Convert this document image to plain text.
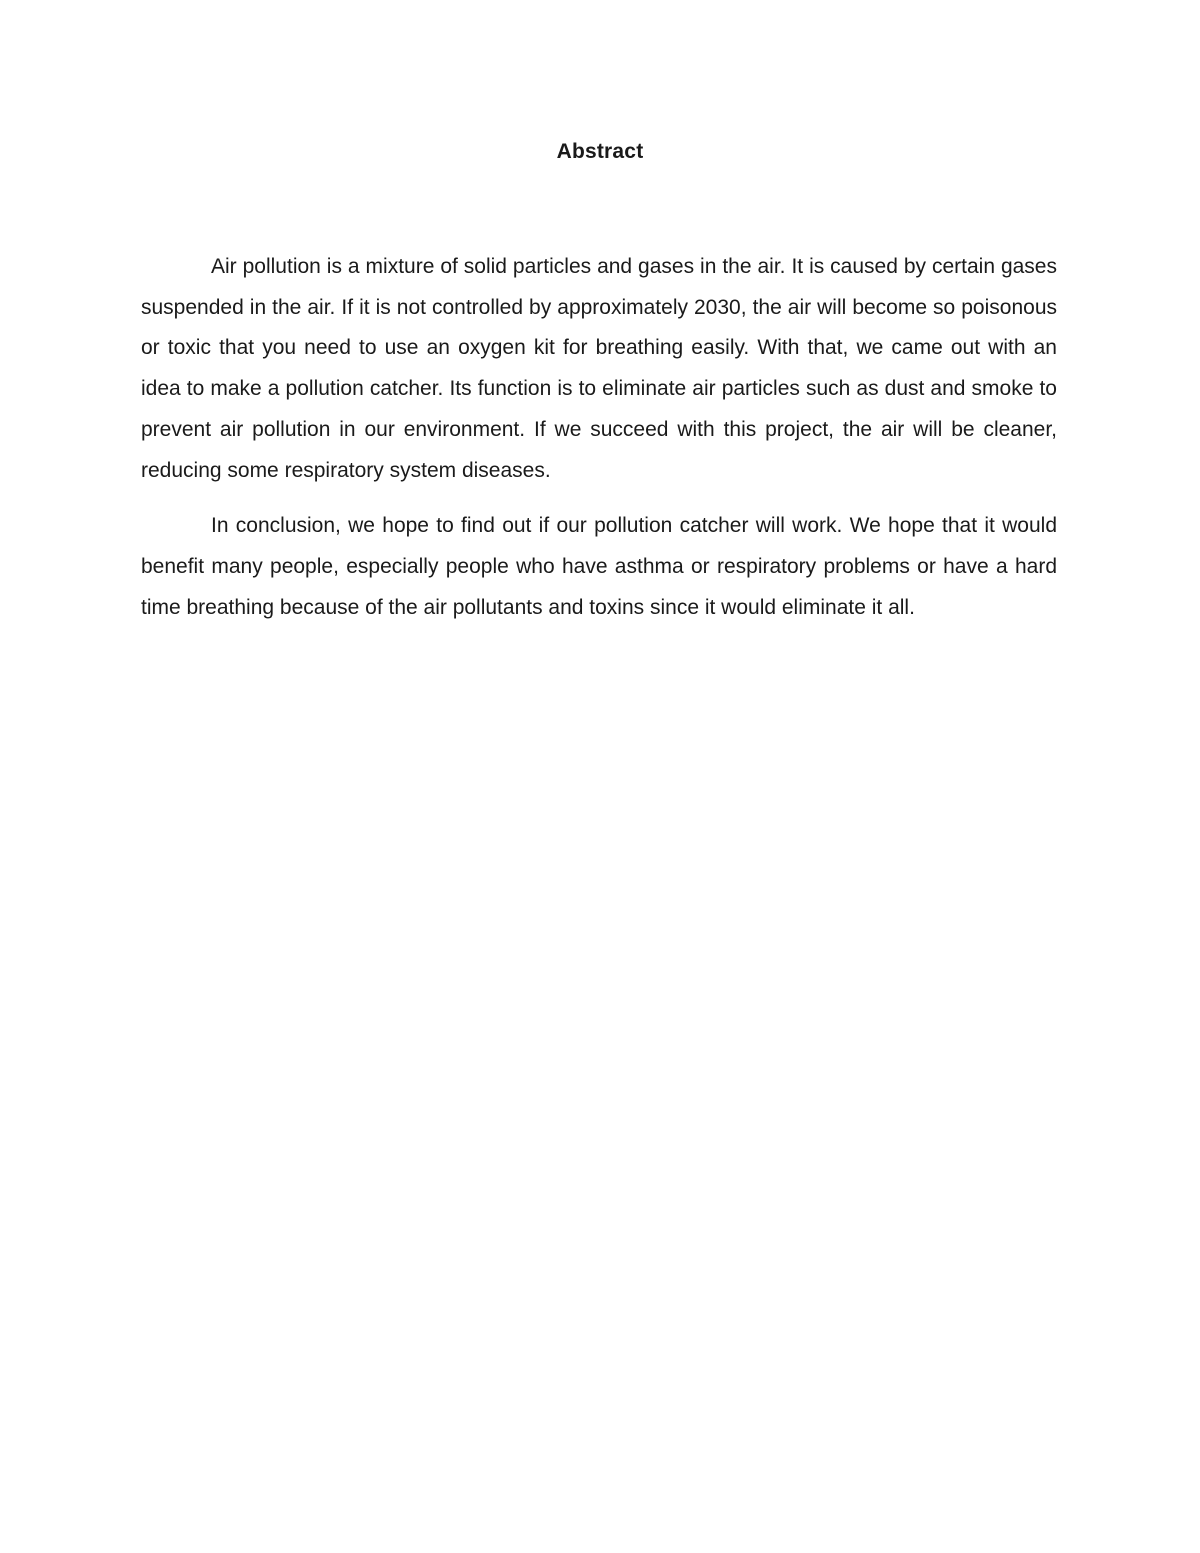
Abstract

Air pollution is a mixture of solid particles and gases in the air. It is caused by certain gases suspended in the air. If it is not controlled by approximately 2030, the air will become so poisonous or toxic that you need to use an oxygen kit for breathing easily. With that, we came out with an idea to make a pollution catcher. Its function is to eliminate air particles such as dust and smoke to prevent air pollution in our environment. If we succeed with this project, the air will be cleaner, reducing some respiratory system diseases.

In conclusion, we hope to find out if our pollution catcher will work. We hope that it would benefit many people, especially people who have asthma or respiratory problems or have a hard time breathing because of the air pollutants and toxins since it would eliminate it all.
